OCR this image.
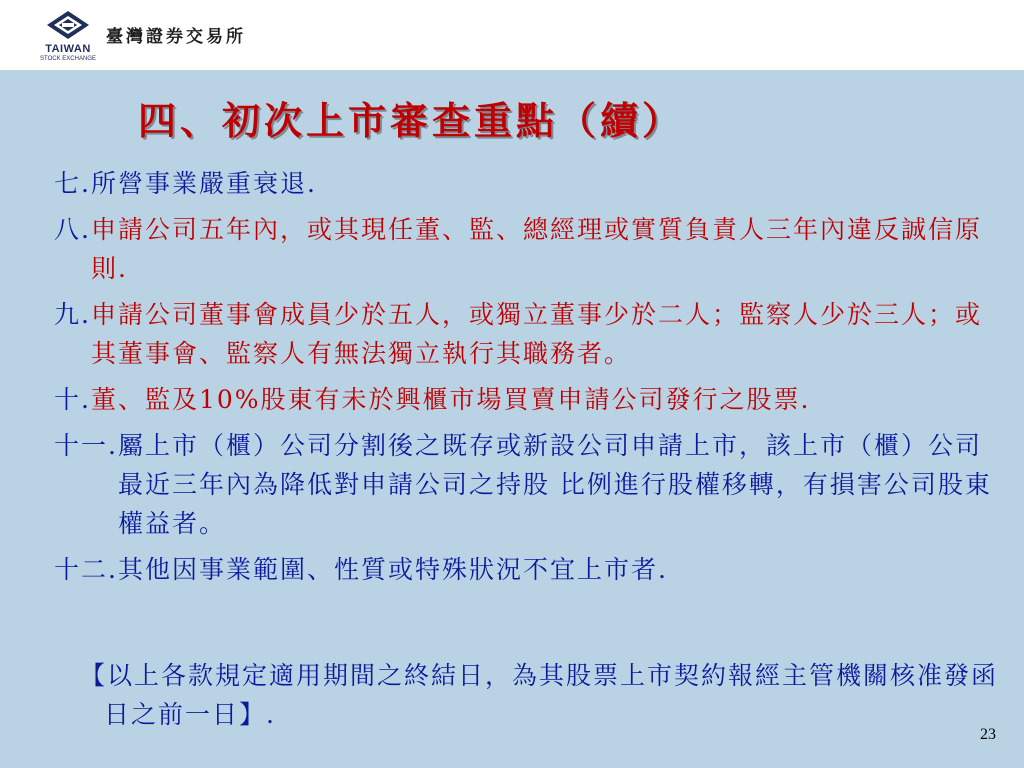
TAIWAN
STOCK EXCHANGE
臺灣證券交易所
四、初次上市審查重點（續）
七. 所營事業嚴重衰退.
八. 申請公司五年內，或其現任董、監、總經理或實質負責人三年內違反誠信原則.
九. 申請公司董事會成員少於五人，或獨立董事少於二人；監察人少於三人；或其董事會、監察人有無法獨立執行其職務者。
十. 董、監及10%股東有未於興櫃市場買賣申請公司發行之股票.
十一. 屬上市（櫃）公司分割後之既存或新設公司申請上市，該上市（櫃）公司最近三年內為降低對申請公司之持股 比例進行股權移轉，有損害公司股東權益者。
十二. 其他因事業範圍、性質或特殊狀況不宜上市者.
【以上各款規定適用期間之終結日，為其股票上市契約報經主管機關核准發函日之前一日】.
23
